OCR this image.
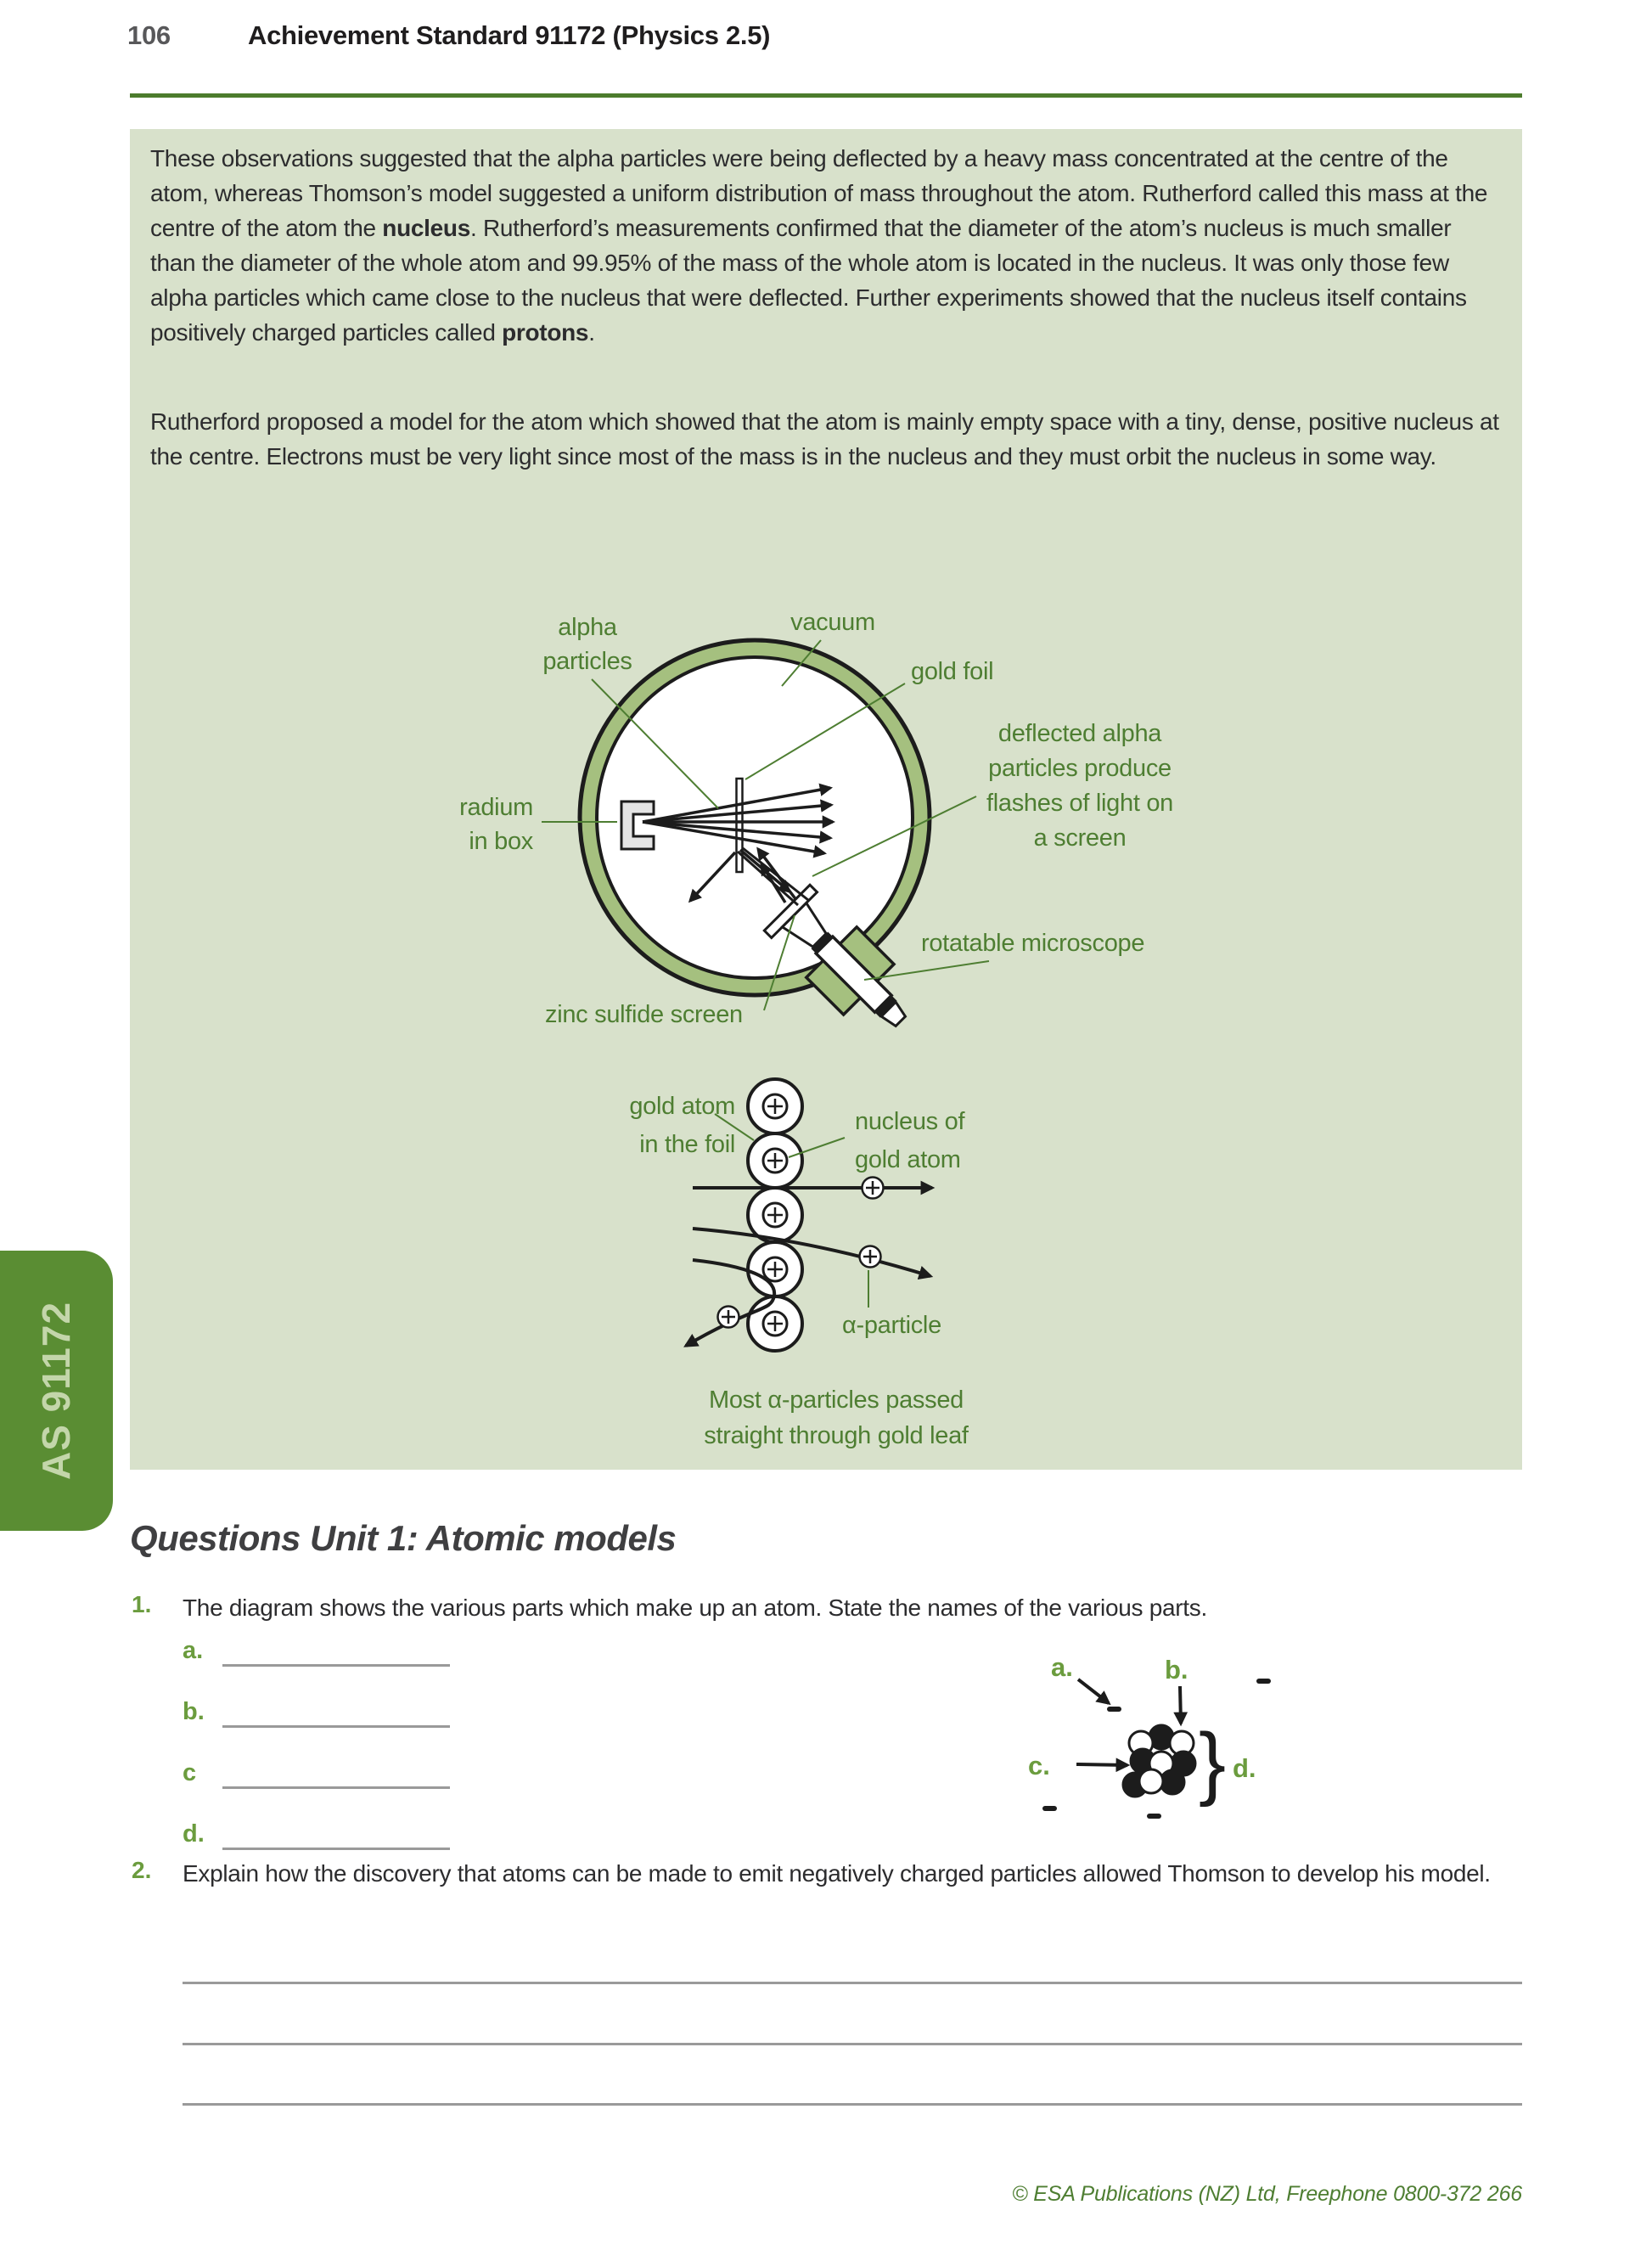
106	Achievement Standard 91172 (Physics 2.5)

These observations suggested that the alpha particles were being deflected by a heavy mass concentrated at the centre of the atom, whereas Thomson’s model suggested a uniform distribution of mass throughout the atom. Rutherford called this mass at the centre of the atom the nucleus. Rutherford’s measurements confirmed that the diameter of the atom’s nucleus is much smaller than the diameter of the whole atom and 99.95% of the mass of the whole atom is located in the nucleus. It was only those few alpha particles which came close to the nucleus that were deflected. Further experiments showed that the nucleus itself contains positively charged particles called protons.

Rutherford proposed a model for the atom which showed that the atom is mainly empty space with a tiny, dense, positive nucleus at the centre. Electrons must be very light since most of the mass is in the nucleus and they must orbit the nucleus in some way.

alpha
particles
vacuum
gold foil
radium
in box
deflected alpha
particles produce
flashes of light on
a screen
rotatable microscope
zinc sulfide screen
gold atom
in the foil
nucleus of
gold atom
α-particle
Most α-particles passed
straight through gold leaf
Questions Unit 1: Atomic models
1. The diagram shows the various parts which make up an atom. State the names of the various parts.
a.
b.
c
d.
}
a.	b.
c.	d.
2. Explain how the discovery that atoms can be made to emit negatively charged particles allowed Thomson to develop his model.
© ESA Publications (NZ) Ltd, Freephone 0800-372 266
AS 91172
